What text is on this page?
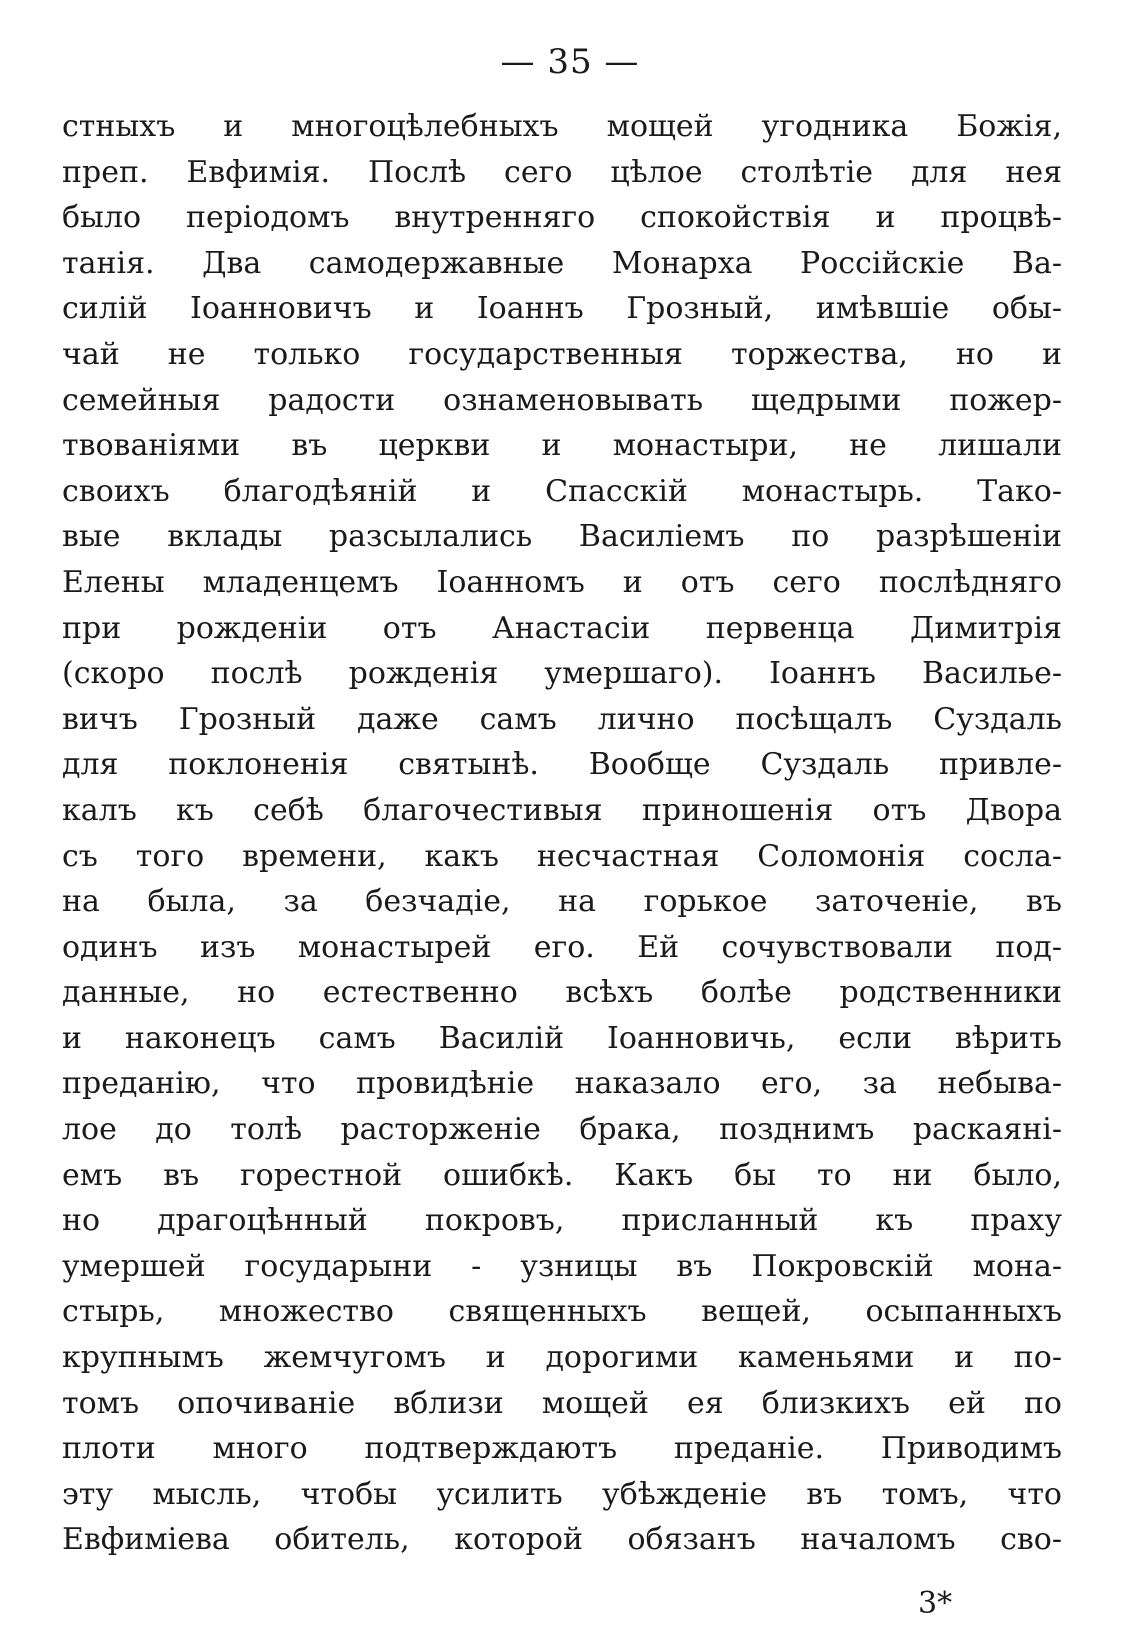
— 35 —
стныхъ и многоцѣлебныхъ мощей угодника Божія,
преп. Евфимія. Послѣ сего цѣлое столѣтіе для нея
было періодомъ внутренняго спокойствія и процвѣ-
танія. Два самодержавные Монарха Россійскіе Ва-
силій Іоанновичъ и Іоаннъ Грозный, имѣвшіе обы-
чай не только государственныя торжества, но и
семейныя радости ознаменовывать щедрыми пожер-
твованіями въ церкви и монастыри, не лишали
своихъ благодѣяній и Спасскій монастырь. Тако-
вые вклады разсылались Василіемъ по разрѣшеніи
Елены младенцемъ Іоанномъ и отъ сего послѣдняго
при рожденіи отъ Анастасіи первенца Димитрія
(скоро послѣ рожденія умершаго). Іоаннъ Василье-
вичъ Грозный даже самъ лично посѣщалъ Суздаль
для поклоненія святынѣ. Вообще Суздаль привле-
калъ къ себѣ благочестивыя приношенія отъ Двора
съ того времени, какъ несчастная Соломонія сосла-
на была, за безчадіе, на горькое заточеніе, въ
одинъ изъ монастырей его. Ей сочувствовали под-
данные, но естественно всѣхъ болѣе родственники
и наконецъ самъ Василій Іоанновичь, если вѣрить
преданію, что провидѣніе наказало его, за небыва-
лое до толѣ расторженіе брака, позднимъ раскаяні-
емъ въ горестной ошибкѣ. Какъ бы то ни было,
но драгоцѣнный покровъ, присланный къ праху
умершей государыни - узницы въ Покровскій мона-
стырь, множество священныхъ вещей, осыпанныхъ
крупнымъ жемчугомъ и дорогими каменьями и по-
томъ опочиваніе вблизи мощей ея близкихъ ей по
плоти много подтверждаютъ преданіе. Приводимъ
эту мысль, чтобы усилить убѣжденіе въ томъ, что
Евфиміева обитель, которой обязанъ началомъ сво-
3*
